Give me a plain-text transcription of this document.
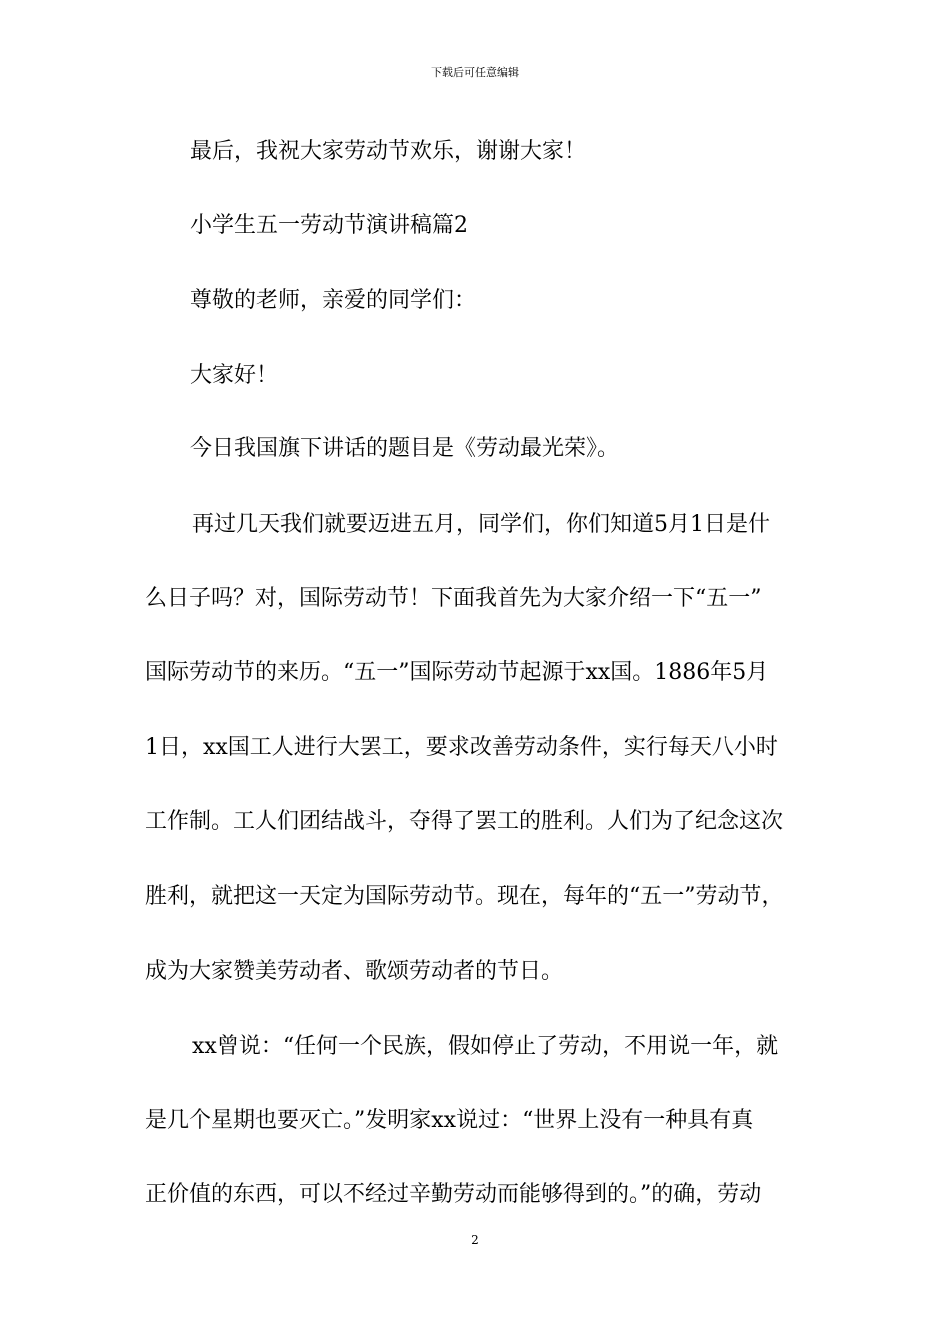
下载后可任意编辑
最后，我祝大家劳动节欢乐，谢谢大家！
小学生五一劳动节演讲稿篇2
尊敬的老师，亲爱的同学们：
大家好！
今日我国旗下讲话的题目是《劳动最光荣》。
再过几天我们就要迈进五月，同学们，你们知道5月1日是什
么日子吗？对，国际劳动节！下面我首先为大家介绍一下“五一”
国际劳动节的来历。“五一”国际劳动节起源于xx国。1886年5月
1日，xx国工人进行大罢工，要求改善劳动条件，实行每天八小时
工作制。工人们团结战斗，夺得了罢工的胜利。人们为了纪念这次
胜利，就把这一天定为国际劳动节。现在，每年的“五一”劳动节，
成为大家赞美劳动者、歌颂劳动者的节日。
xx曾说：“任何一个民族，假如停止了劳动，不用说一年，就
是几个星期也要灭亡。”发明家xx说过：“世界上没有一种具有真
正价值的东西，可以不经过辛勤劳动而能够得到的。”的确，劳动
2
